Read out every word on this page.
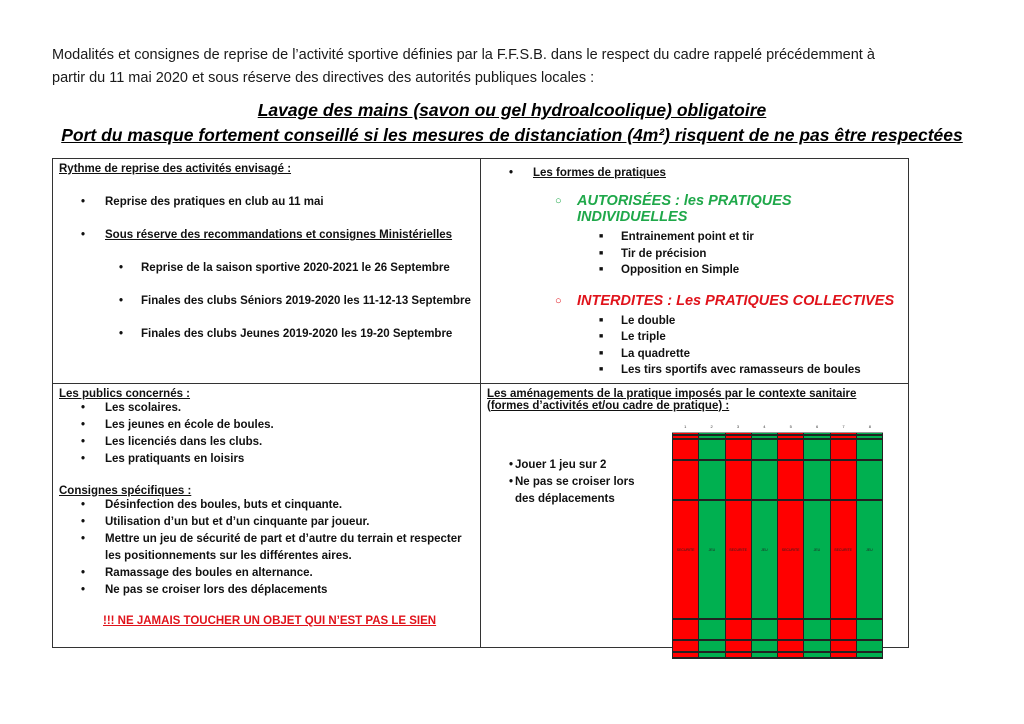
Modalités et consignes de reprise de l’activité sportive définies par la F.F.S.B. dans le respect du cadre rappelé précédemment à
partir du 11 mai 2020 et sous réserve des directives des autorités publiques locales :
Lavage des mains (savon ou gel hydroalcoolique) obligatoire
Port du masque fortement conseillé si les mesures de distanciation (4m²) risquent de ne pas être respectées
Rythme de reprise des activités envisagé :
• Reprise des pratiques en club au 11 mai
• Sous réserve des recommandations et consignes Ministérielles
• Reprise de la saison sportive 2020-2021 le 26 Septembre
• Finales des clubs Séniors 2019-2020 les 11-12-13 Septembre
• Finales des clubs Jeunes 2019-2020 les 19-20 Septembre

• Les formes de pratiques
○ AUTORISÉES : les PRATIQUES INDIVIDUELLES
■ Entrainement point et tir
■ Tir de précision
■ Opposition en Simple
○ INTERDITES : Les PRATIQUES COLLECTIVES
■ Le double
■ Le triple
■ La quadrette
■ Les tirs sportifs avec ramasseurs de boules

Les publics concernés :
• Les scolaires.
• Les jeunes en école de boules.
• Les licenciés dans les clubs.
• Les pratiquants en loisirs
Consignes spécifiques :
• Désinfection des boules, buts et cinquante.
• Utilisation d’un but et d’un cinquante par joueur.
• Mettre un jeu de sécurité de part et d’autre du terrain et respecter les positionnements sur les différentes aires.
• Ramassage des boules en alternance.
• Ne pas se croiser lors des déplacements
!!! NE JAMAIS TOUCHER UN OBJET QUI N’EST PAS LE SIEN

Les aménagements de la pratique imposés par le contexte sanitaire
(formes d’activités et/ou cadre de pratique) :
• Jouer 1 jeu sur 2
• Ne pas se croiser lors des déplacements
1	2	3	4	5	6	7	8
SECURITE	JEU	SECURITE	JEU	SECURITE	JEU	SECURITE	JEU
